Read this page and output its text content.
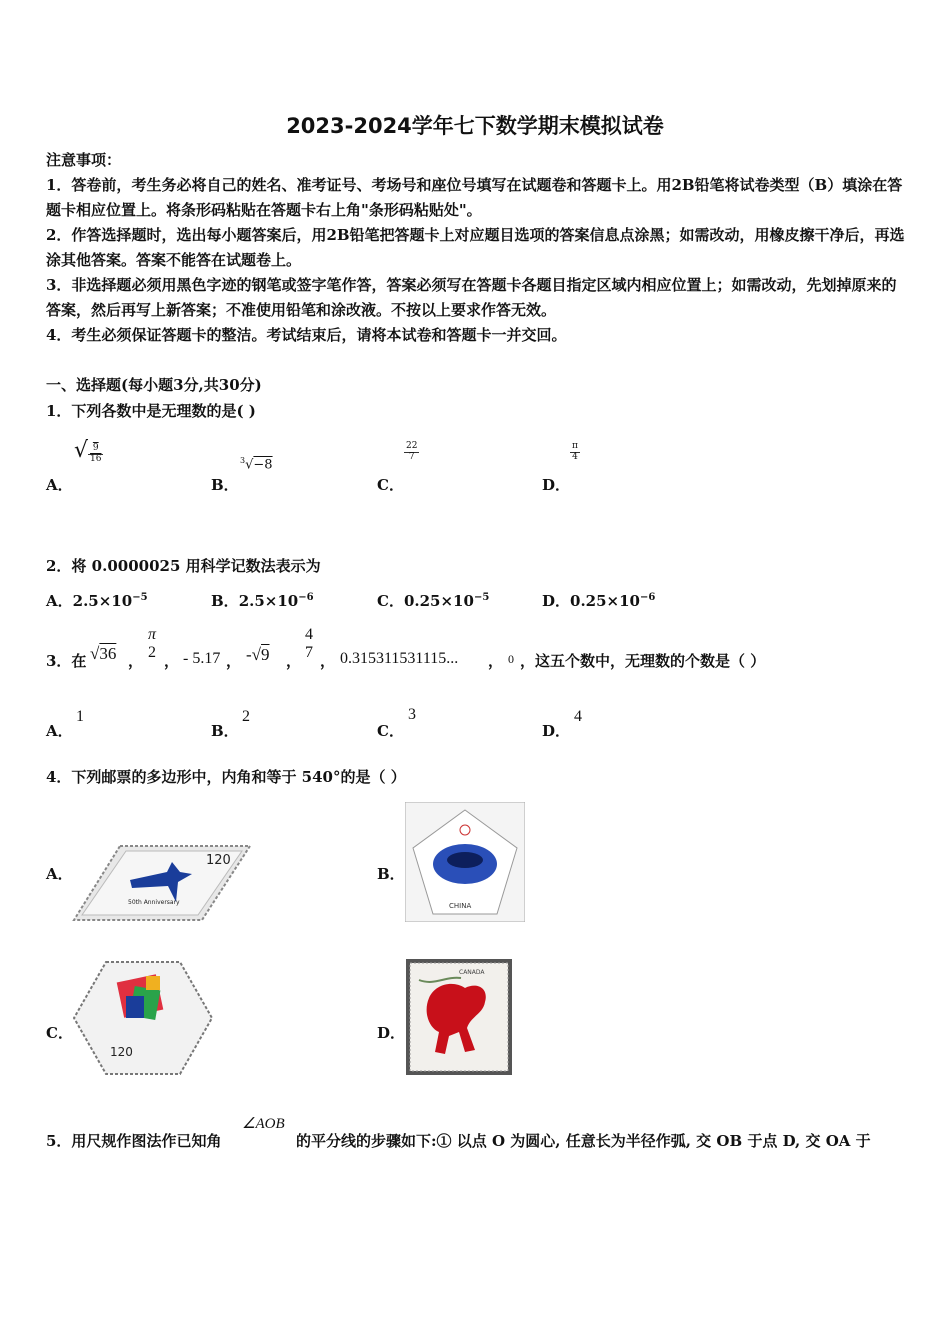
2023-2024学年七下数学期末模拟试卷

注意事项：

1．答卷前，考生务必将自己的姓名、准考证号、考场号和座位号填写在试题卷和答题卡上。用2B铅笔将试卷类型（B）填涂在答题卡相应位置上。将条形码粘贴在答题卡右上角"条形码粘贴处"。

2．作答选择题时，选出每小题答案后，用2B铅笔把答题卡上对应题目选项的答案信息点涂黑；如需改动，用橡皮擦干净后，再选涂其他答案。答案不能答在试题卷上。

3．非选择题必须用黑色字迹的钢笔或签字笔作答，答案必须写在答题卡各题目指定区域内相应位置上；如需改动，先划掉原来的答案，然后再写上新答案；不准使用铅笔和涂改液。不按以上要求作答无效。

4．考生必须保证答题卡的整洁。考试结束后，请将本试卷和答题卡一并交回。

一、选择题(每小题3分,共30分)
1．下列各数中是无理数的是( )
A．
√ $\frac{9}{16}$
B．
$^3$√−8
C．
$\frac{22}{7}$
D．
$\frac{\pi}{4}$
2．将 0.0000025 用科学记数法表示为
A．$2.5\times 10^{-5}$	B．$2.5\times 10^{-6}$	C．$0.25\times 10^{-5}$	D．$0.25\times 10^{-6}$
3．在 √36 ，
π
2 ， - 5.17 ， -√9 ，
4
7 ， 0.315311531115... ， 0 ，这五个数中，无理数的个数是（ ）
A．
1
B．
2
C．
3
D．
4
4．下列邮票的多边形中，内角和等于 540°的是（ ）
A．
120
50th Anniversary
B．
CHINA
C．
120
D．
CANADA
5．用尺规作图法作已知角
∠AOB
的平分线的步骤如下:① 以点 O 为圆心, 任意长为半径作弧, 交 OB 于点 D, 交 OA 于
